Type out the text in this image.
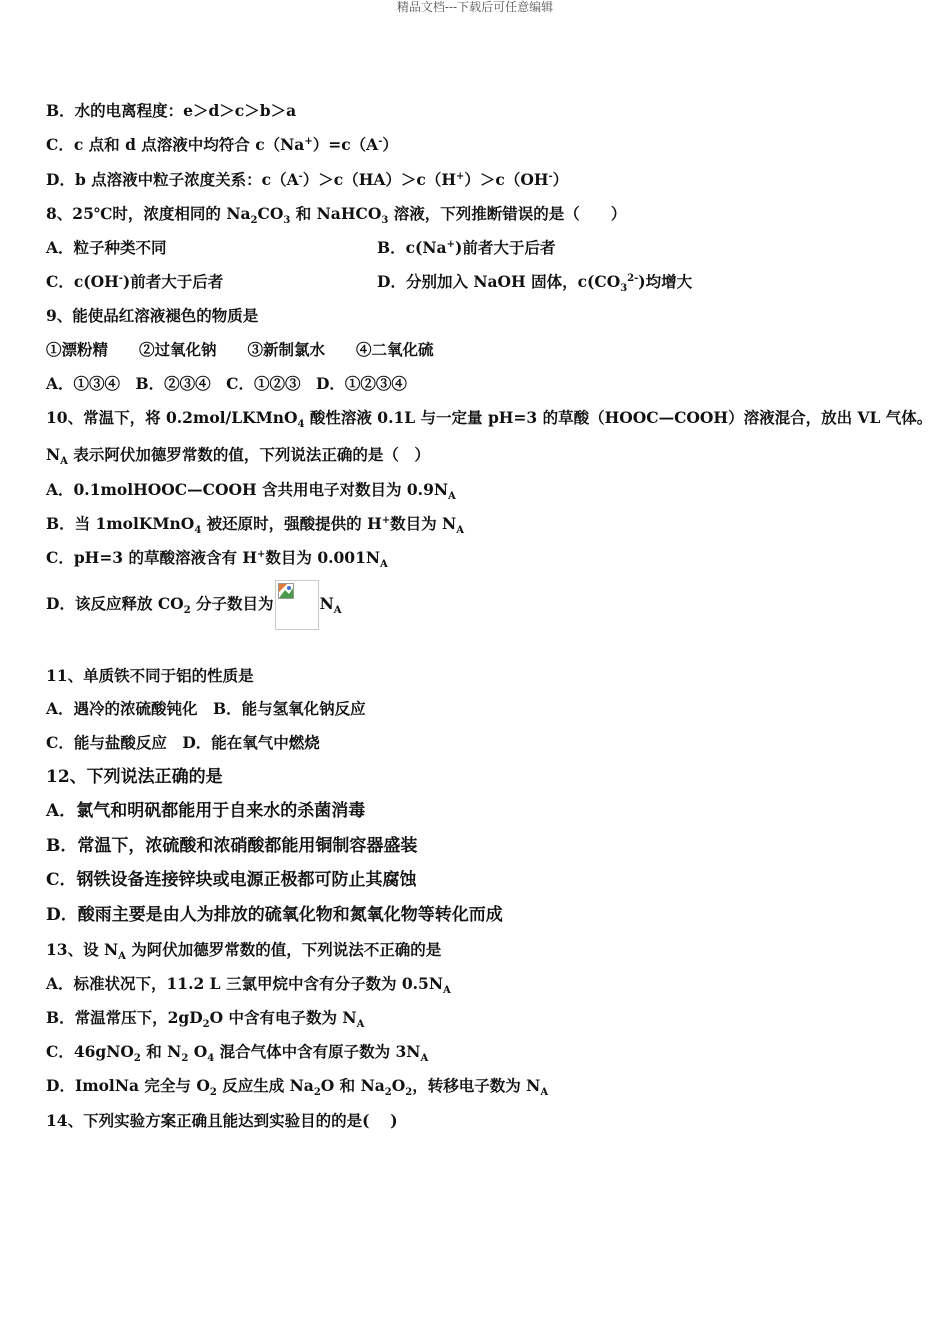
精品文档---下载后可任意编辑
B．水的电离程度：e＞d＞c＞b＞a
C．c 点和 d 点溶液中均符合 c（Na+）=c（A-）
D．b 点溶液中粒子浓度关系：c（A-）＞c（HA）＞c（H+）＞c（OH-）
8、25℃时，浓度相同的 $Na_2CO_3$ 和 NaHCO$_3$ 溶液，下列推断错误的是（　　）
A．粒子种类不同	B．c(Na+)前者大于后者
C．c(OH-)前者大于后者	D．分别加入 NaOH 固体，$c(CO_3^{2-})$均增大
9、能使品红溶液褪色的物质是
①漂粉精　　②过氧化钠　　③新制氯水　　④二氧化硫
A．①③④　B．②③④　C．①②③　D．①②③④
10、常温下，将 0.2mol/LKMnO$_4$ 酸性溶液 0.1L 与一定量 pH=3 的草酸（HOOC—COOH）溶液混合，放出 VL 气体。
$N_A$ 表示阿伏加德罗常数的值，下列说法正确的是（　）
A．0.1molHOOC—COOH 含共用电子对数目为 $0.9N_A$
B．当 1molKMnO$_4$ 被还原时，强酸提供的 H+数目为 $N_A$
C．pH=3 的草酸溶液含有 H+数目为 $0.001N_A$
D．该反应释放 $CO_2$ 分子数目为	$N_A$
11、单质铁不同于铝的性质是
A．遇冷的浓硫酸钝化　B．能与氢氧化钠反应
C．能与盐酸反应　D．能在氧气中燃烧
12、下列说法正确的是
A．氯气和明矾都能用于自来水的杀菌消毒
B．常温下，浓硫酸和浓硝酸都能用铜制容器盛装
C．钢铁设备连接锌块或电源正极都可防止其腐蚀
D．酸雨主要是由人为排放的硫氧化物和氮氧化物等转化而成
13、设 $N_A$ 为阿伏加德罗常数的值，下列说法不正确的是
A．标准状况下，11.2 L 三氯甲烷中含有分子数为 $0.5N_A$
B．常温常压下，$2gD_2O$ 中含有电子数为 $N_A$
C．46gNO$_2$ 和 $N_2$ $O_4$ 混合气体中含有原子数为 $3N_A$
D．ImolNa 完全与 $O_2$ 反应生成 $Na_2O$ 和 $Na_2O_2$，转移电子数为 $N_A$
14、下列实验方案正确且能达到实验目的的是(　 )
